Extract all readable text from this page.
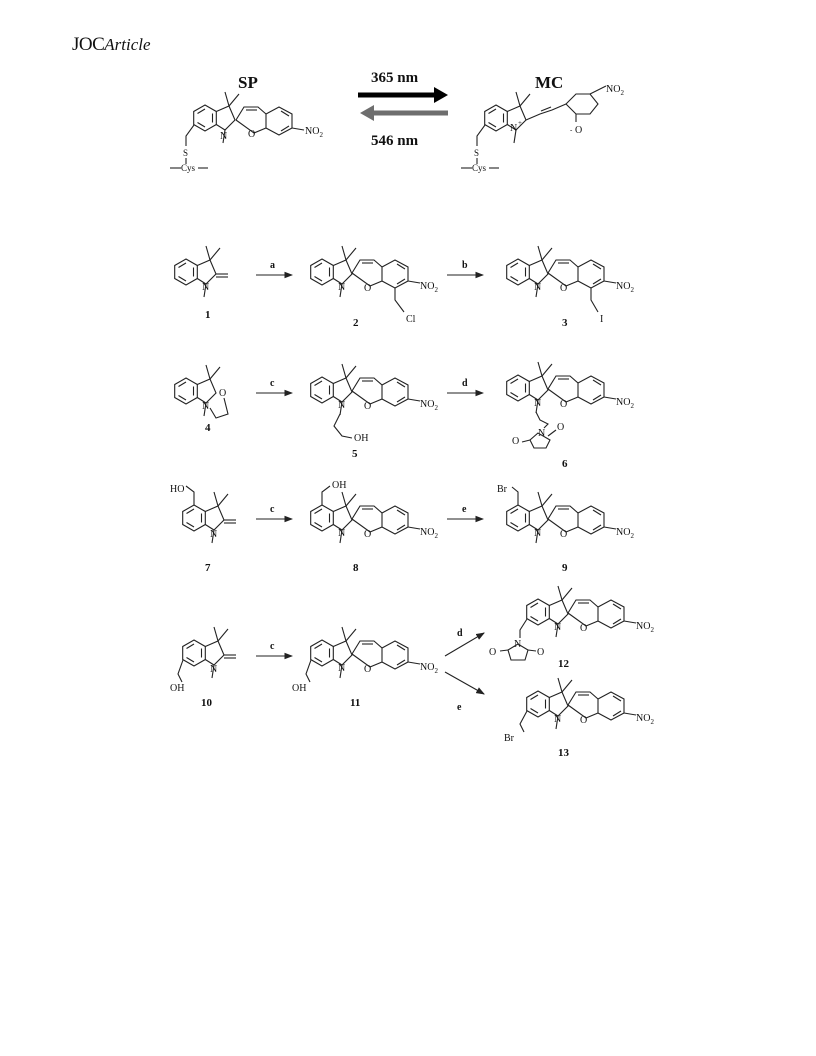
JOCArticle
SP	MC
N O	$NO_2$
S
Cys
365 nm
546 nm
N +
$NO_2$
- O
S
Cys
N
1
a
N O	$NO_2$
Cl
2
b
N O	$NO_2$
I
3
O
N
4
c
N O	$NO_2$
OH
5
d
N O	$NO_2$
N
O
O
6
N
HO
7
c
N O	$NO_2$
OH
8
e
N O	$NO_2$
Br
9
N
OH
10
c
N O	$NO_2$
OH
11
d
e
N O	$NO_2$
N
O
O
12
N O	$NO_2$
Br
13
